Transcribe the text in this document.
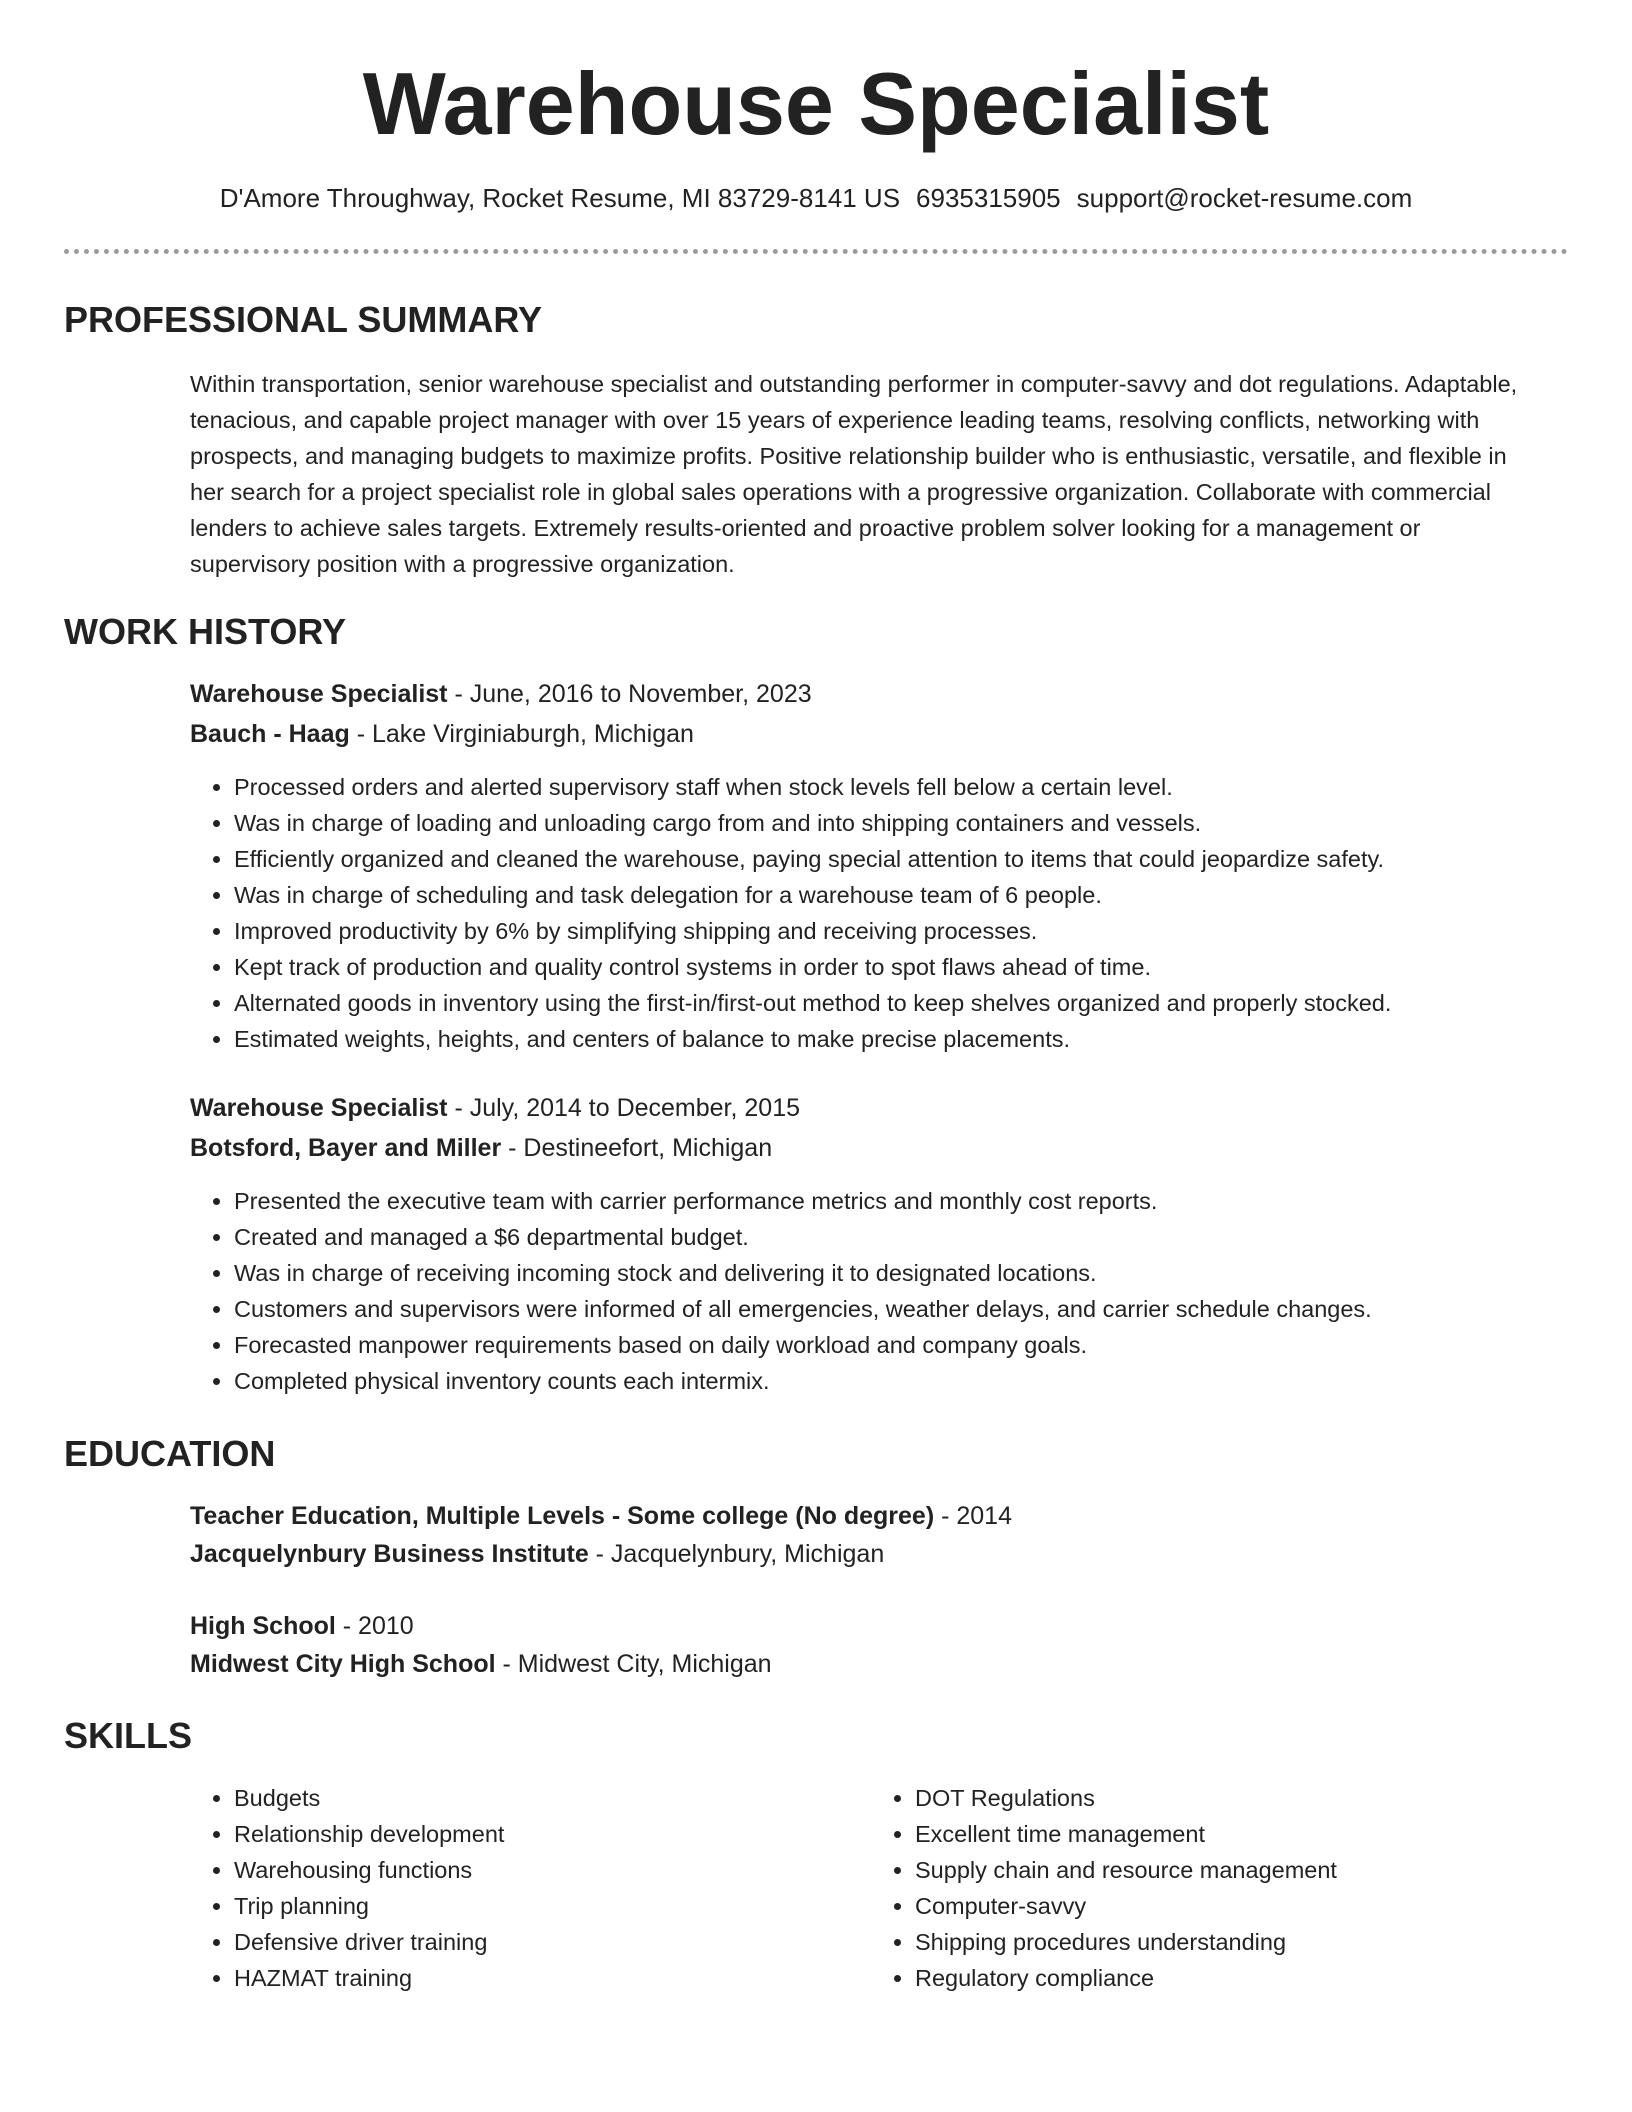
Warehouse Specialist
D'Amore Throughway, Rocket Resume, MI 83729-8141 US 6935315905 support@rocket-resume.com
PROFESSIONAL SUMMARY

Within transportation, senior warehouse specialist and outstanding performer in computer-savvy and dot regulations. Adaptable, tenacious, and capable project manager with over 15 years of experience leading teams, resolving conflicts, networking with prospects, and managing budgets to maximize profits. Positive relationship builder who is enthusiastic, versatile, and flexible in her search for a project specialist role in global sales operations with a progressive organization. Collaborate with commercial lenders to achieve sales targets. Extremely results-oriented and proactive problem solver looking for a management or supervisory position with a progressive organization.

WORK HISTORY
Warehouse Specialist - June, 2016 to November, 2023
Bauch - Haag - Lake Virginiaburgh, Michigan
• Processed orders and alerted supervisory staff when stock levels fell below a certain level.
• Was in charge of loading and unloading cargo from and into shipping containers and vessels.
• Efficiently organized and cleaned the warehouse, paying special attention to items that could jeopardize safety.
• Was in charge of scheduling and task delegation for a warehouse team of 6 people.
• Improved productivity by 6% by simplifying shipping and receiving processes.
• Kept track of production and quality control systems in order to spot flaws ahead of time.
• Alternated goods in inventory using the first-in/first-out method to keep shelves organized and properly stocked.
• Estimated weights, heights, and centers of balance to make precise placements.
Warehouse Specialist - July, 2014 to December, 2015
Botsford, Bayer and Miller - Destineefort, Michigan
• Presented the executive team with carrier performance metrics and monthly cost reports.
• Created and managed a $6 departmental budget.
• Was in charge of receiving incoming stock and delivering it to designated locations.
• Customers and supervisors were informed of all emergencies, weather delays, and carrier schedule changes.
• Forecasted manpower requirements based on daily workload and company goals.
• Completed physical inventory counts each intermix.
EDUCATION
Teacher Education, Multiple Levels - Some college (No degree) - 2014
Jacquelynbury Business Institute - Jacquelynbury, Michigan
High School - 2010
Midwest City High School - Midwest City, Michigan
SKILLS
• Budgets
• Relationship development
• Warehousing functions
• Trip planning
• Defensive driver training
• HAZMAT training
• DOT Regulations
• Excellent time management
• Supply chain and resource management
• Computer-savvy
• Shipping procedures understanding
• Regulatory compliance
